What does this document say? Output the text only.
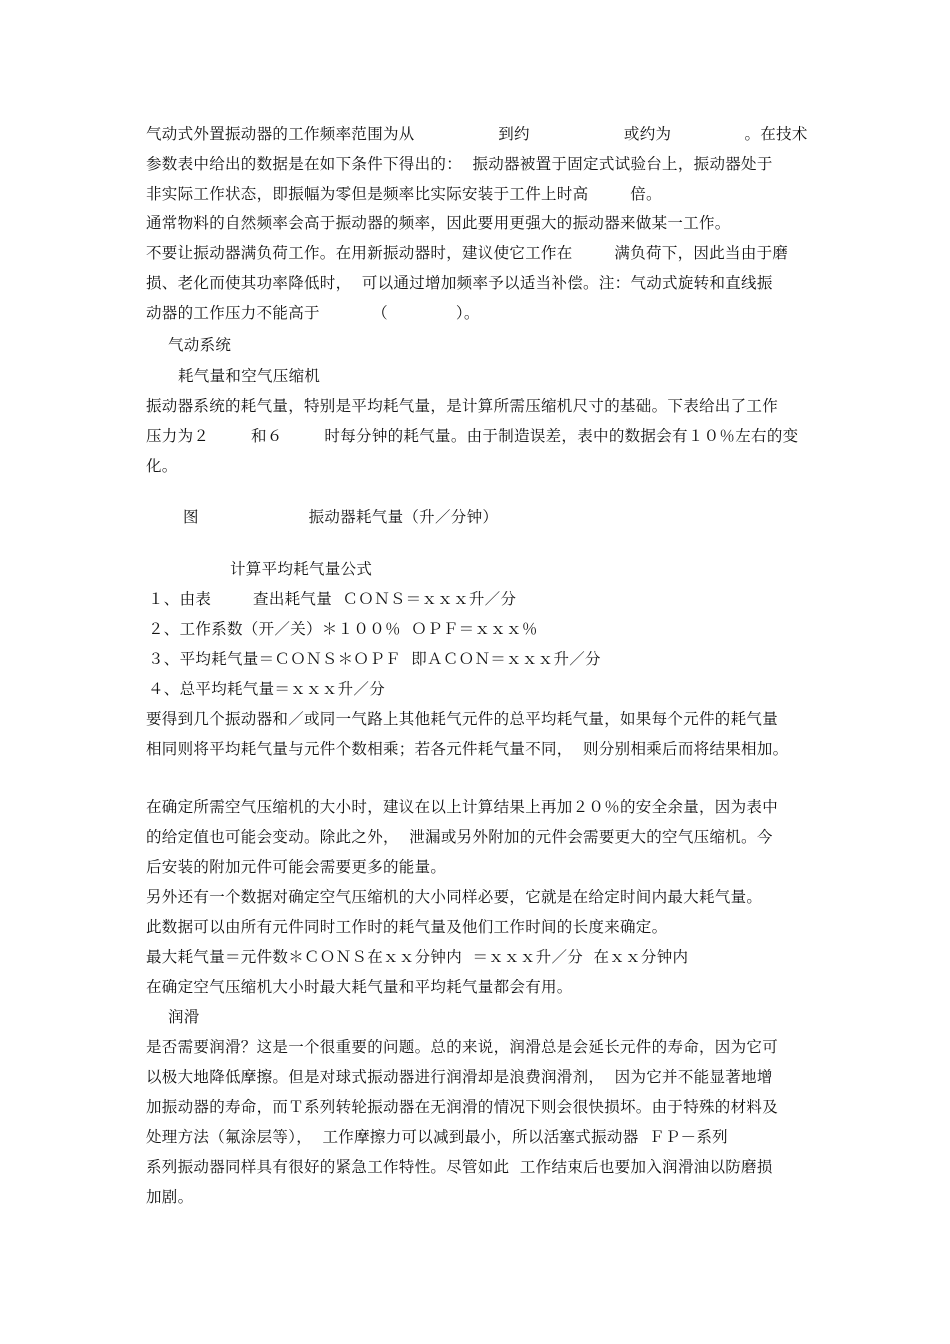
气动式外置振动器的工作频率范围为从                到约                  或约为              。在技术
参数表中给出的数据是在如下条件下得出的：  振动器被置于固定式试验台上，振动器处于
非实际工作状态，即振幅为零但是频率比实际安装于工件上时高        倍。
通常物料的自然频率会高于振动器的频率，因此要用更强大的振动器来做某一工作。
不要让振动器满负荷工作。在用新振动器时，建议使它工作在        满负荷下，因此当由于磨
损、老化而使其功率降低时，  可以通过增加频率予以适当补偿。注：气动式旋转和直线振
动器的工作压力不能高于          （             ）。
气动系统
耗气量和空气压缩机
振动器系统的耗气量，特别是平均耗气量，是计算所需压缩机尺寸的基础。下表给出了工作
压力为２        和６        时每分钟的耗气量。由于制造误差，表中的数据会有１０％左右的变
化。
图                     振动器耗气量（升／分钟）
计算平均耗气量公式
１、由表        查出耗气量  ＣＯＮＳ＝ｘｘｘ升／分
２、工作系数（开／关）＊１００％  ＯＰＦ＝ｘｘｘ％
３、平均耗气量＝ＣＯＮＳ＊ＯＰＦ  即ＡＣＯＮ＝ｘｘｘ升／分
４、总平均耗气量＝ｘｘｘ升／分
要得到几个振动器和／或同一气路上其他耗气元件的总平均耗气量，如果每个元件的耗气量
相同则将平均耗气量与元件个数相乘；若各元件耗气量不同，  则分别相乘后而将结果相加。
在确定所需空气压缩机的大小时，建议在以上计算结果上再加２０％的安全余量，因为表中
的给定值也可能会变动。除此之外，  泄漏或另外附加的元件会需要更大的空气压缩机。今
后安装的附加元件可能会需要更多的能量。
另外还有一个数据对确定空气压缩机的大小同样必要，它就是在给定时间内最大耗气量。
此数据可以由所有元件同时工作时的耗气量及他们工作时间的长度来确定。
最大耗气量＝元件数＊ＣＯＮＳ在ｘｘ分钟内  ＝ｘｘｘ升／分  在ｘｘ分钟内
在确定空气压缩机大小时最大耗气量和平均耗气量都会有用。
润滑
是否需要润滑？这是一个很重要的问题。总的来说，润滑总是会延长元件的寿命，因为它可
以极大地降低摩擦。但是对球式振动器进行润滑却是浪费润滑剂，  因为它并不能显著地增
加振动器的寿命，而Ｔ系列转轮振动器在无润滑的情况下则会很快损坏。由于特殊的材料及
处理方法（氟涂层等），  工作摩擦力可以减到最小，所以活塞式振动器  ＦＰ－系列
系列振动器同样具有很好的紧急工作特性。尽管如此  工作结束后也要加入润滑油以防磨损
加剧。
